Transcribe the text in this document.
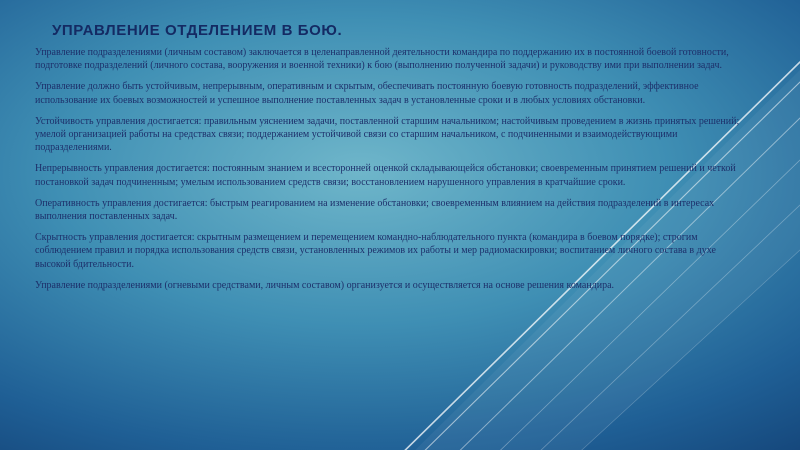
УПРАВЛЕНИЕ ОТДЕЛЕНИЕМ В БОЮ.

Управление подразделениями (личным составом) заключается в целенаправленной деятельности командира по поддержанию их в постоянной боевой готовности, подготовке подразделений (личного состава, вооружения и военной техники) к бою (выполнению полученной задачи) и руководству ими при выполнении задач.

Управление должно быть устойчивым, непрерывным, оперативным и скрытым, обеспечивать постоянную боевую готовность подразделений, эффективное использование их боевых возможностей и успешное выполнение поставленных задач в установленные сроки и в любых условиях обстановки.

Устойчивость управления достигается: правильным уяснением задачи, поставленной старшим начальником; настойчивым проведением в жизнь принятых решений; умелой организацией работы на средствах связи; поддержанием устойчивой связи со старшим начальником, с подчиненными и взаимодействующими подразделениями.

Непрерывность управления достигается: постоянным знанием и всесторонней оценкой складывающейся обстановки; своевременным принятием решений и четкой постановкой задач подчиненным; умелым использованием средств связи; восстановлением нарушенного управления в кратчайшие сроки.

Оперативность управления достигается: быстрым реагированием на изменение обстановки; своевременным влиянием на действия подразделений в интересах выполнения поставленных задач.

Скрытность управления достигается: скрытным размещением и перемещением командно-наблюдательного пункта (командира в боевом порядке); строгим соблюдением правил и порядка использования средств связи, установленных режимов их работы и мер радиомаскировки; воспитанием личного состава в духе высокой бдительности.

Управление подразделениями (огневыми средствами, личным составом) организуется и осуществляется на основе решения командира.
